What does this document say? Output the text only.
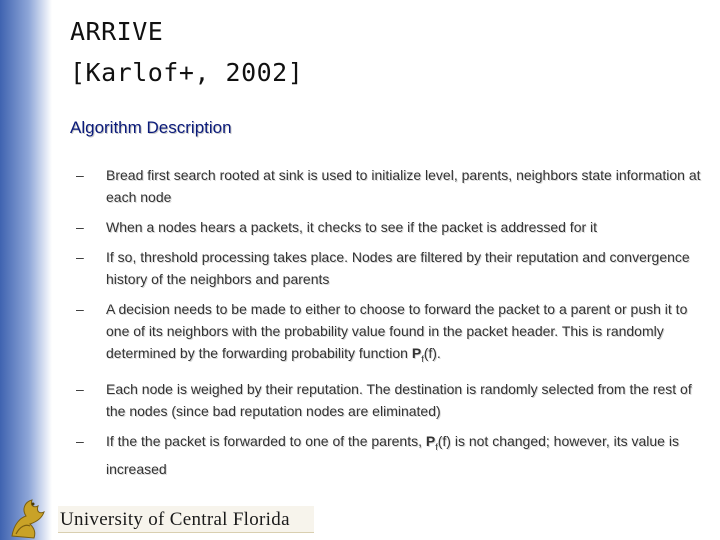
ARRIVE
[Karlof+, 2002]
Algorithm Description
–	Bread first search rooted at sink is used to initialize level, parents, neighbors state information at each node
–	When a nodes hears a packets, it checks to see if the packet is addressed for it
–	If so, threshold processing takes place. Nodes are filtered by their reputation and convergence history of the neighbors and parents
–	A decision needs to be made to either to choose to forward the packet to a parent or push it to one of its neighbors with the probability value found in the packet header. This is randomly determined by the forwarding probability function $P_f(f)$.
–	Each node is weighed by their reputation. The destination is randomly selected from the rest of the nodes (since bad reputation nodes are eliminated)
–	If the the packet is forwarded to one of the parents, $P_f(f)$ is not changed; however, its value is increased
University of Central Florida
